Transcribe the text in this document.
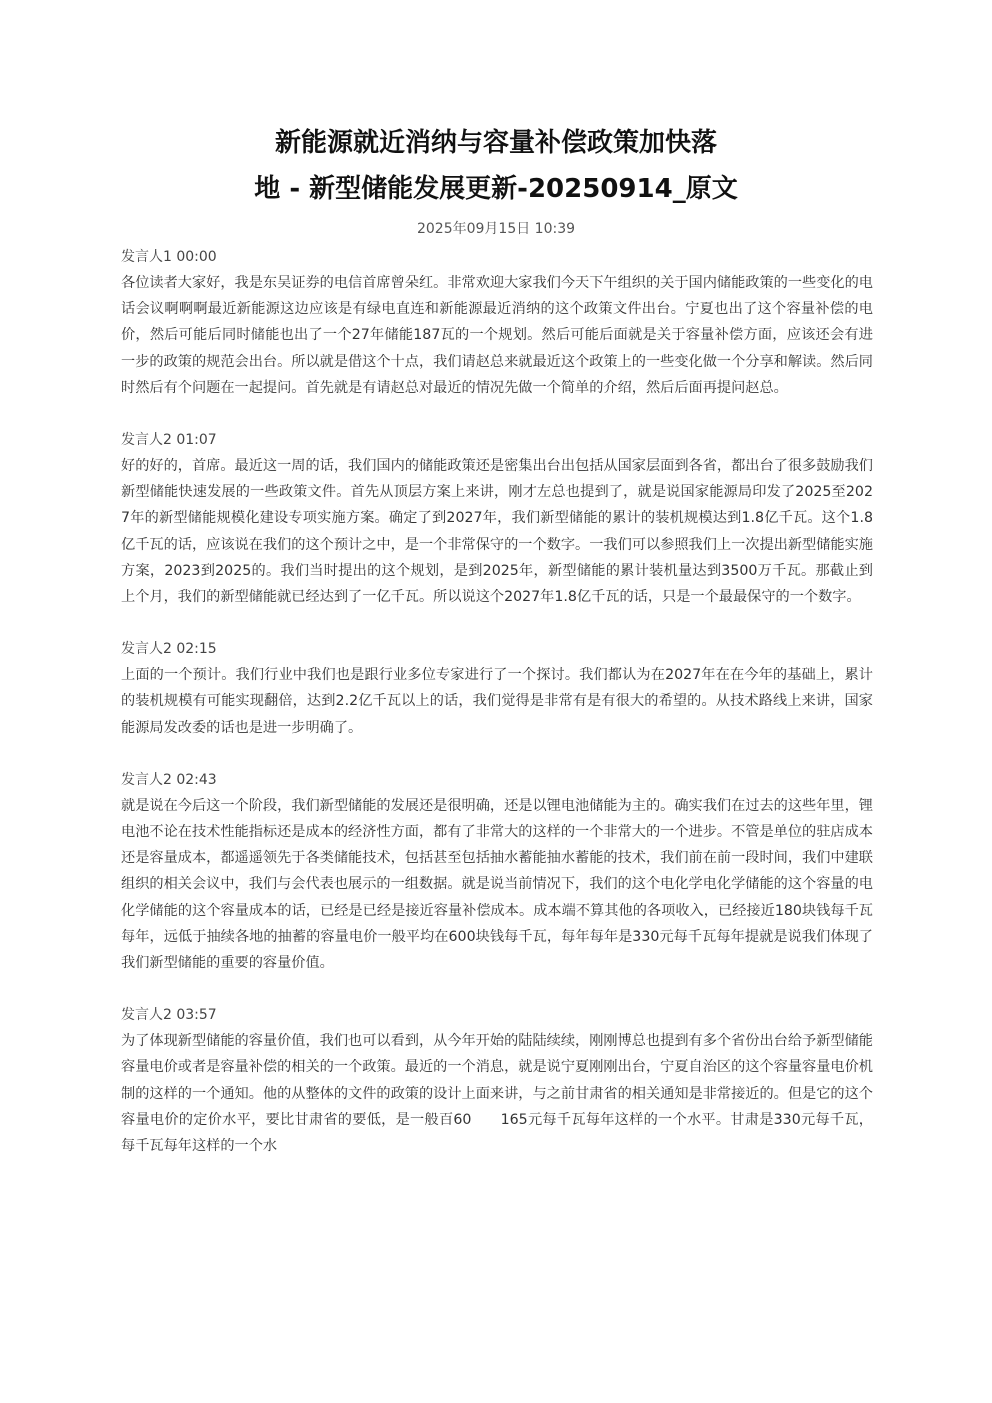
新能源就近消纳与容量补偿政策加快落
地 - 新型储能发展更新-20250914_原文
2025年09月15日 10:39
发言人1 00:00
各位读者大家好，我是东吴证券的电信首席曾朵红。非常欢迎大家我们今天下午组织的关于国内储能政策的一些变化的电话会议啊啊啊最近新能源这边应该是有绿电直连和新能源最近消纳的这个政策文件出台。宁夏也出了这个容量补偿的电价，然后可能后同时储能也出了一个27年储能187瓦的一个规划。然后可能后面就是关于容量补偿方面，应该还会有进一步的政策的规范会出台。所以就是借这个十点，我们请赵总来就最近这个政策上的一些变化做一个分享和解读。然后同时然后有个问题在一起提问。首先就是有请赵总对最近的情况先做一个简单的介绍，然后后面再提问赵总。
发言人2 01:07
好的好的，首席。最近这一周的话，我们国内的储能政策还是密集出台出包括从国家层面到各省，都出台了很多鼓励我们新型储能快速发展的一些政策文件。首先从顶层方案上来讲，刚才左总也提到了，就是说国家能源局印发了2025至2027年的新型储能规模化建设专项实施方案。确定了到2027年，我们新型储能的累计的装机规模达到1.8亿千瓦。这个1.8亿千瓦的话，应该说在我们的这个预计之中，是一个非常保守的一个数字。一我们可以参照我们上一次提出新型储能实施方案，2023到2025的。我们当时提出的这个规划，是到2025年，新型储能的累计装机量达到3500万千瓦。那截止到上个月，我们的新型储能就已经达到了一亿千瓦。所以说这个2027年1.8亿千瓦的话，只是一个最最保守的一个数字。
发言人2 02:15
上面的一个预计。我们行业中我们也是跟行业多位专家进行了一个探讨。我们都认为在2027年在在今年的基础上，累计的装机规模有可能实现翻倍，达到2.2亿千瓦以上的话，我们觉得是非常有是有很大的希望的。从技术路线上来讲，国家能源局发改委的话也是进一步明确了。
发言人2 02:43
就是说在今后这一个阶段，我们新型储能的发展还是很明确，还是以锂电池储能为主的。确实我们在过去的这些年里，锂电池不论在技术性能指标还是成本的经济性方面，都有了非常大的这样的一个非常大的一个进步。不管是单位的驻店成本还是容量成本，都遥遥领先于各类储能技术，包括甚至包括抽水蓄能抽水蓄能的技术，我们前在前一段时间，我们中建联组织的相关会议中，我们与会代表也展示的一组数据。就是说当前情况下，我们的这个电化学电化学储能的这个容量的电化学储能的这个容量成本的话，已经是已经是接近容量补偿成本。成本端不算其他的各项收入，已经接近180块钱每千瓦每年，远低于抽续各地的抽蓄的容量电价一般平均在600块钱每千瓦，每年每年是330元每千瓦每年提就是说我们体现了我们新型储能的重要的容量价值。
发言人2 03:57
为了体现新型储能的容量价值，我们也可以看到，从今年开始的陆陆续续，刚刚博总也提到有多个省份出台给予新型储能容量电价或者是容量补偿的相关的一个政策。最近的一个消息，就是说宁夏刚刚出台，宁夏自治区的这个容量容量电价机制的这样的一个通知。他的从整体的文件的政策的设计上面来讲，与之前甘肃省的相关通知是非常接近的。但是它的这个容量电价的定价水平，要比甘肃省的要低，是一般百60　　165元每千瓦每年这样的一个水平。甘肃是330元每千瓦，每千瓦每年这样的一个水
